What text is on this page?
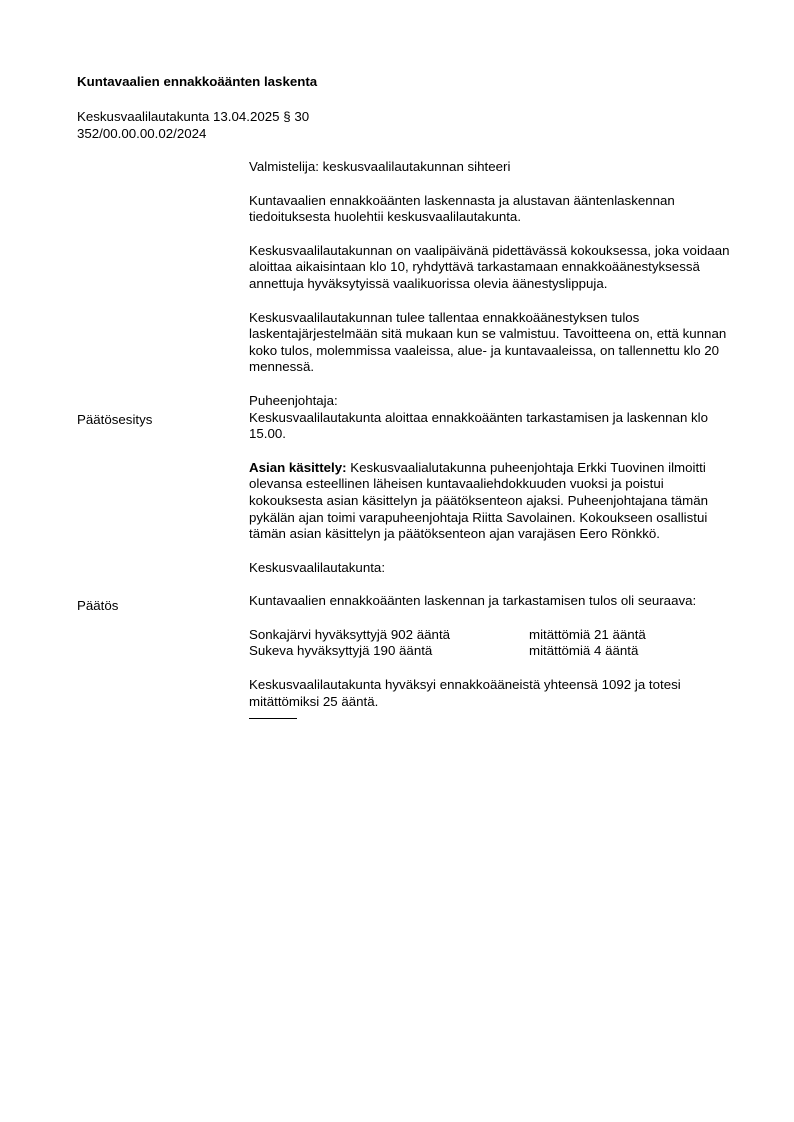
Kuntavaalien ennakkoäänten laskenta
Keskusvaalilautakunta 13.04.2025 § 30
352/00.00.00.02/2024
Päätösesitys
Päätös

Valmistelija: keskusvaalilautakunnan sihteeri

Kuntavaalien ennakkoäänten laskennasta ja alustavan ääntenlaskennan tiedoituksesta huolehtii keskusvaalilautakunta.

Keskusvaalilautakunnan on vaalipäivänä pidettävässä kokouksessa, joka voidaan aloittaa aikaisintaan klo 10, ryhdyttävä tarkastamaan ennakkoäänestyksessä annettuja hyväksytyissä vaalikuorissa olevia äänestyslippuja.

Keskusvaalilautakunnan tulee tallentaa ennakkoäänestyksen tulos laskentajärjestelmään sitä mukaan kun se valmistuu. Tavoitteena on, että kunnan koko tulos, molemmissa vaaleissa, alue- ja kuntavaaleissa, on tallennettu klo 20 mennessä.

Puheenjohtaja:
Keskusvaalilautakunta aloittaa ennakkoäänten tarkastamisen ja laskennan klo 15.00.

Asian käsittely: Keskusvaalialutakunna puheenjohtaja Erkki Tuovinen ilmoitti olevansa esteellinen läheisen kuntavaaliehdokkuuden vuoksi ja poistui kokouksesta asian käsittelyn ja päätöksenteon ajaksi. Puheenjohtajana tämän pykälän ajan toimi varapuheenjohtaja Riitta Savolainen. Kokoukseen osallistui tämän asian käsittelyn ja päätöksenteon ajan varajäsen Eero Rönkkö.

Keskusvaalilautakunta:

Kuntavaalien ennakkoäänten laskennan ja tarkastamisen tulos oli seuraava:

Sonkajärvi hyväksyttyjä 902 ääntä	mitättömiä 21 ääntä
Sukeva hyväksyttyjä 190 ääntä	mitättömiä 4 ääntä
Keskusvaalilautakunta hyväksyi ennakkoääneistä yhteensä 1092 ja totesi mitättömiksi 25 ääntä.
